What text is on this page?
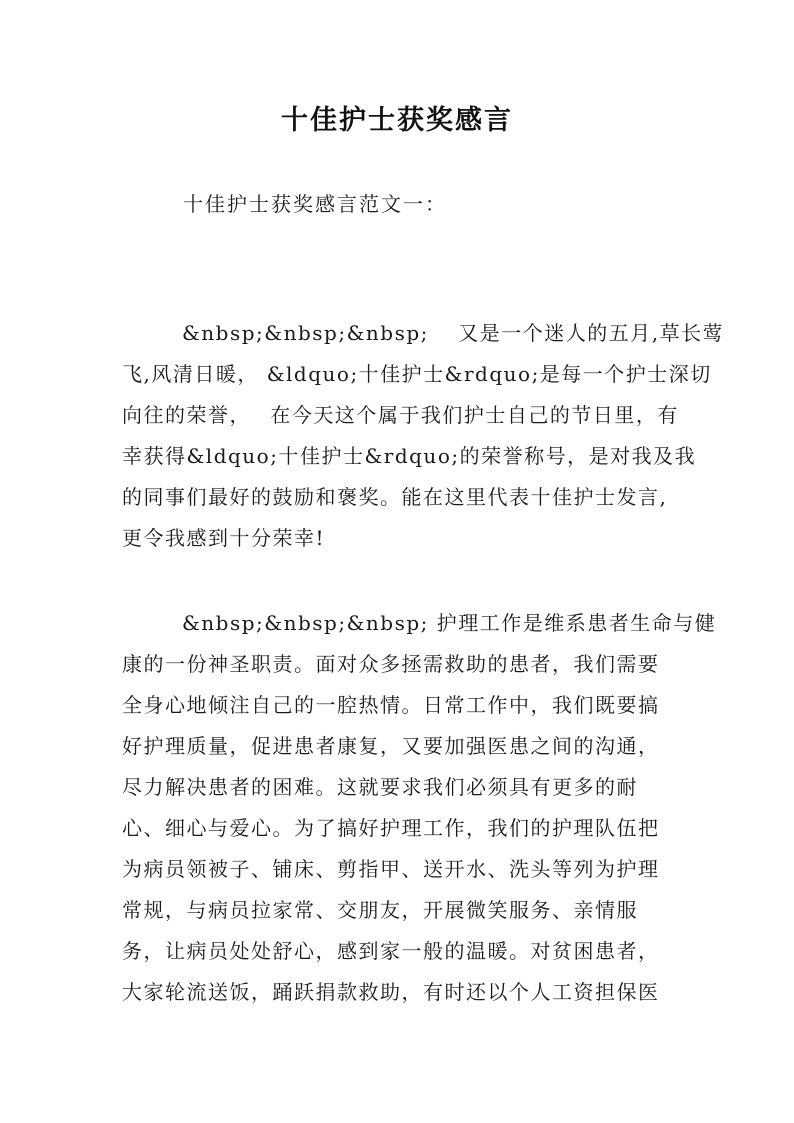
十佳护士获奖感言
十佳护士获奖感言范文一：
&nbsp;&nbsp;&nbsp;　 又是一个迷人的五月,草长莺
飞,风清日暖， &ldquo;十佳护士&rdquo;是每一个护士深切
向往的荣誉，　 在今天这个属于我们护士自己的节日里，有
幸获得&ldquo;十佳护士&rdquo;的荣誉称号，是对我及我
的同事们最好的鼓励和褒奖。能在这里代表十佳护士发言,
更令我感到十分荣幸!
&nbsp;&nbsp;&nbsp; 护理工作是维系患者生命与健
康的一份神圣职责。面对众多拯需救助的患者，我们需要
全身心地倾注自己的一腔热情。日常工作中，我们既要搞
好护理质量，促进患者康复，又要加强医患之间的沟通，
尽力解决患者的困难。这就要求我们必须具有更多的耐
心、细心与爱心。为了搞好护理工作，我们的护理队伍把
为病员领被子、铺床、剪指甲、送开水、洗头等列为护理
常规，与病员拉家常、交朋友，开展微笑服务、亲情服
务，让病员处处舒心，感到家一般的温暖。对贫困患者，
大家轮流送饭，踊跃捐款救助，有时还以个人工资担保医
